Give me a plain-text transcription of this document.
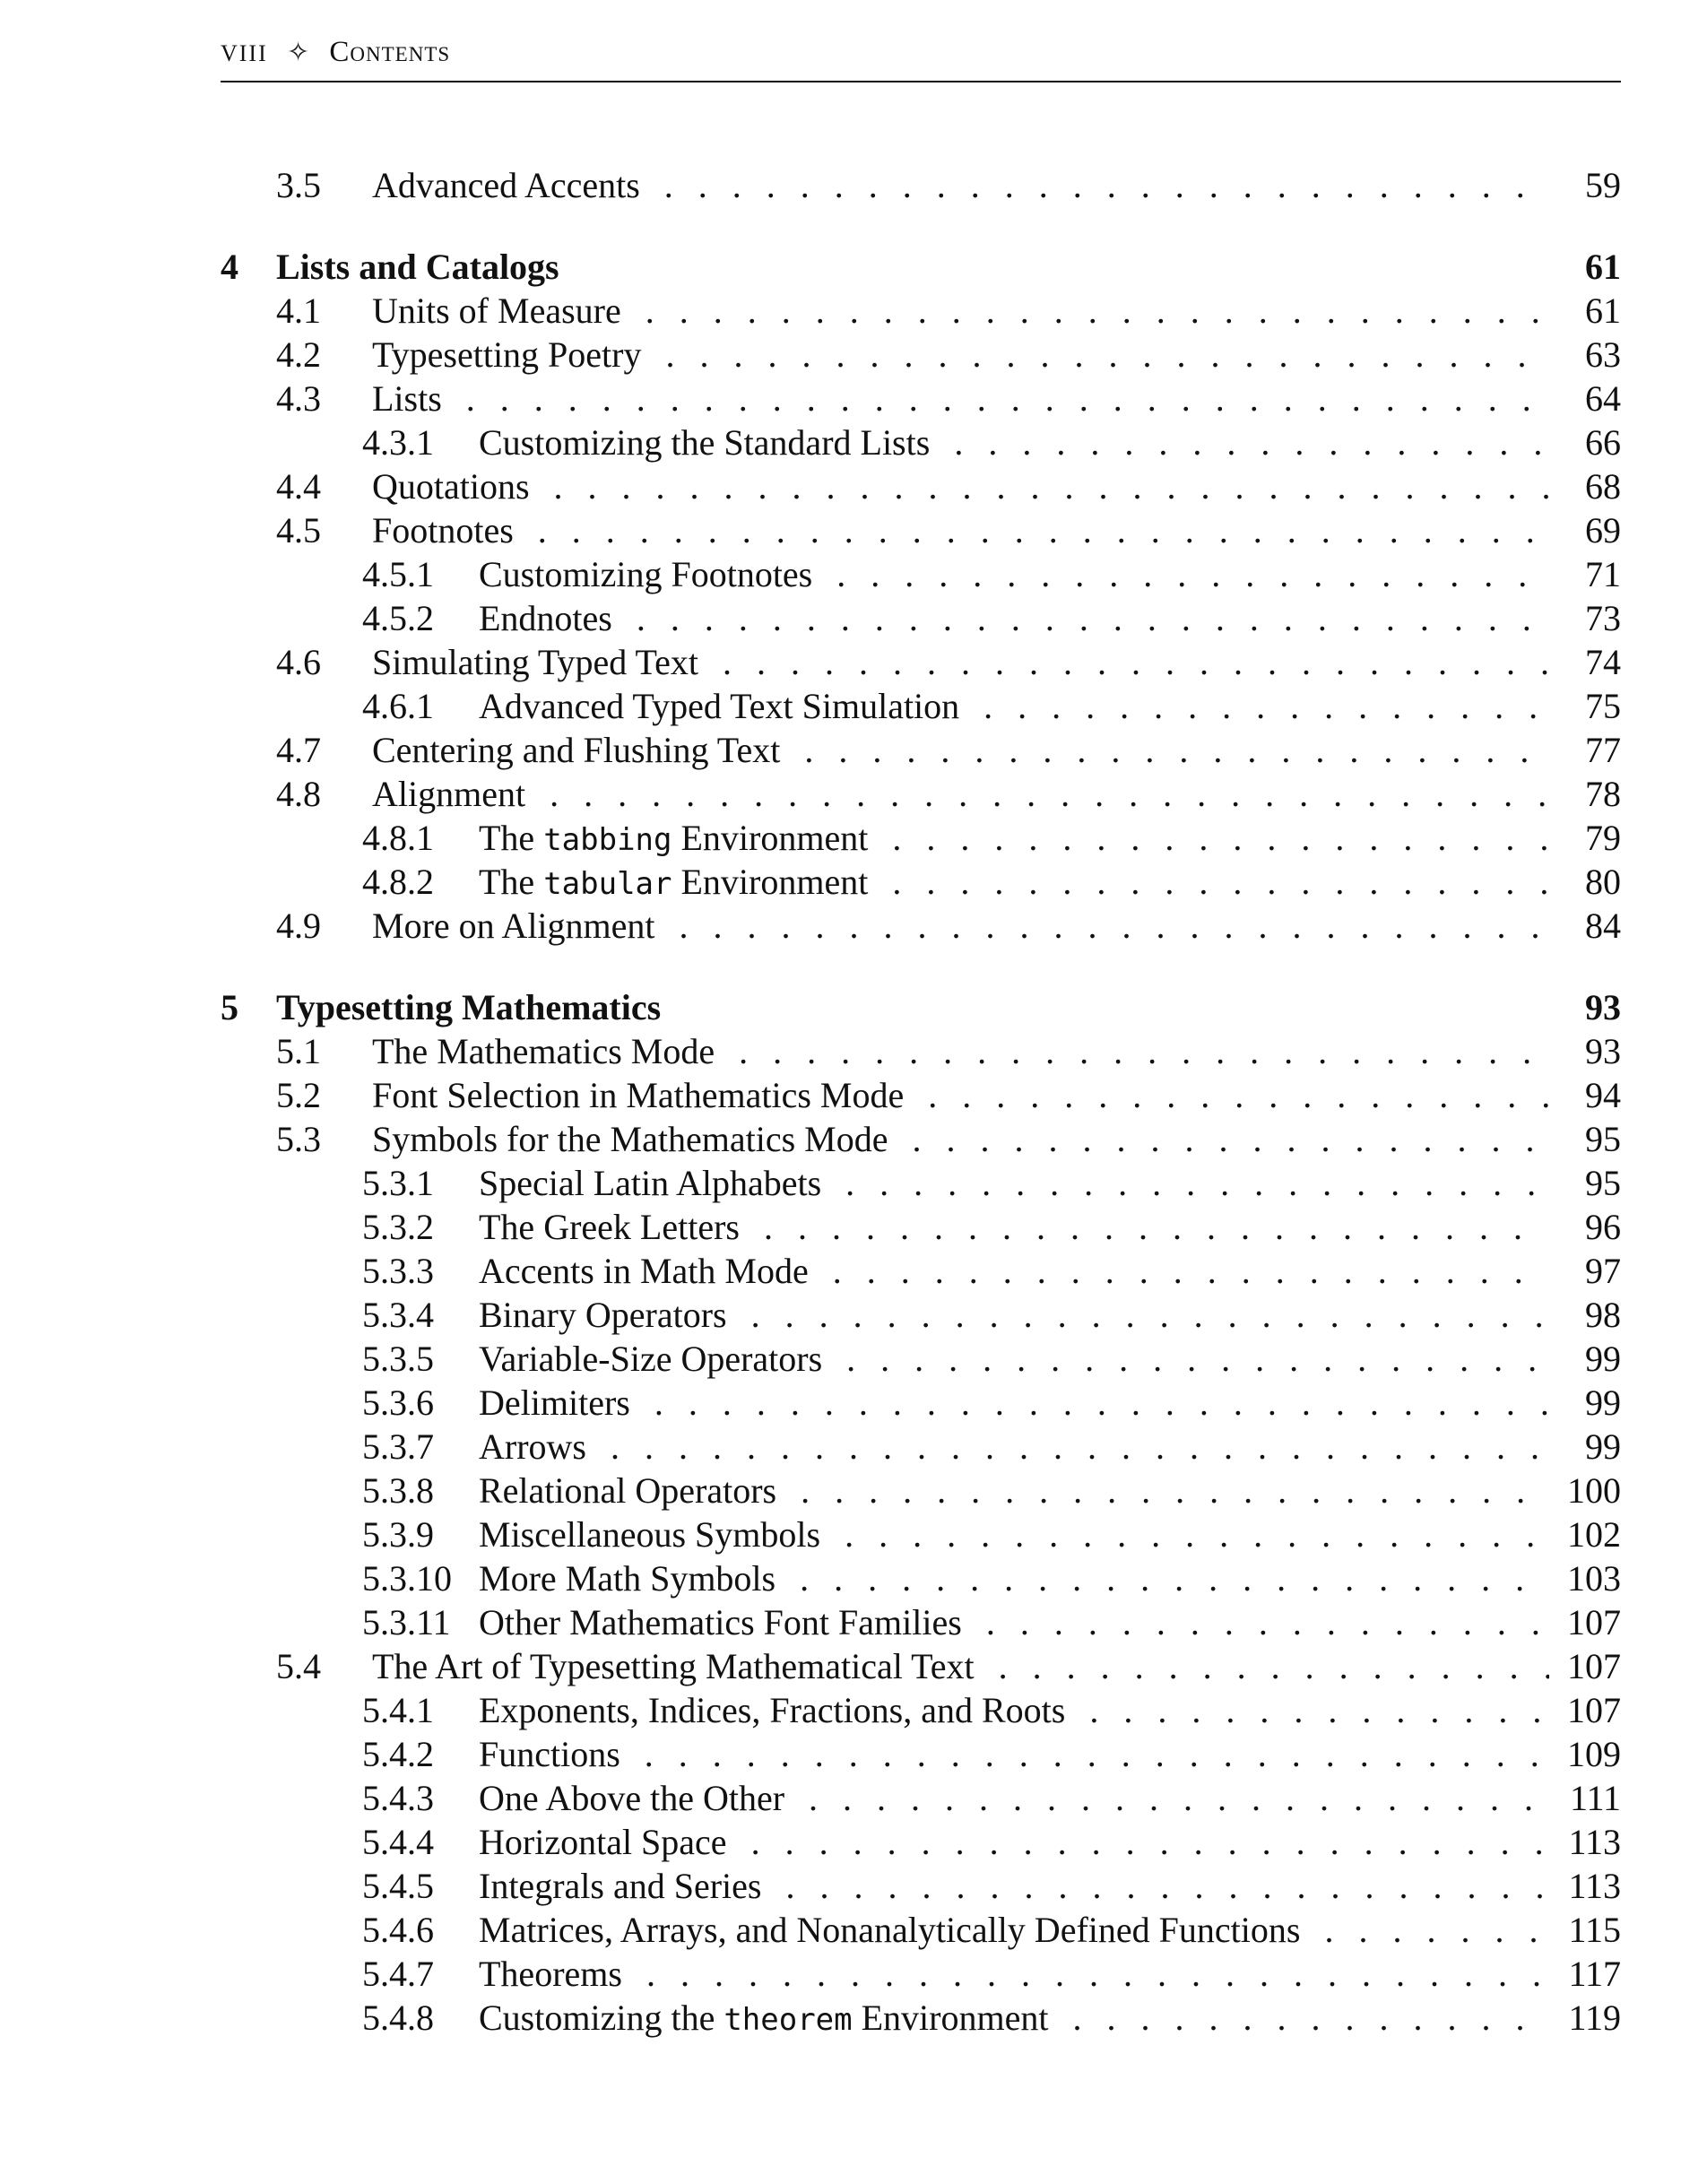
VIII ✧ Contents
3.5 Advanced Accents . . .	59
4 Lists and Catalogs	61
4.1 Units of Measure . . .	61
4.2 Typesetting Poetry . . .	63
4.3 Lists . . .	64
4.3.1 Customizing the Standard Lists . . .	66
4.4 Quotations . . .	68
4.5 Footnotes . . .	69
4.5.1 Customizing Footnotes . . .	71
4.5.2 Endnotes . . .	73
4.6 Simulating Typed Text . . .	74
4.6.1 Advanced Typed Text Simulation . . .	75
4.7 Centering and Flushing Text . . .	77
4.8 Alignment . . .	78
4.8.1 The tabbing Environment . . .	79
4.8.2 The tabular Environment . . .	80
4.9 More on Alignment . . .	84
5 Typesetting Mathematics	93
5.1 The Mathematics Mode . . .	93
5.2 Font Selection in Mathematics Mode . . .	94
5.3 Symbols for the Mathematics Mode . . .	95
5.3.1 Special Latin Alphabets . . .	95
5.3.2 The Greek Letters . . .	96
5.3.3 Accents in Math Mode . . .	97
5.3.4 Binary Operators . . .	98
5.3.5 Variable-Size Operators . . .	99
5.3.6 Delimiters . . .	99
5.3.7 Arrows . . .	99
5.3.8 Relational Operators . . .	100
5.3.9 Miscellaneous Symbols . . .	102
5.3.10 More Math Symbols . . .	103
5.3.11 Other Mathematics Font Families . . .	107
5.4 The Art of Typesetting Mathematical Text . . .	107
5.4.1 Exponents, Indices, Fractions, and Roots . . .	107
5.4.2 Functions . . .	109
5.4.3 One Above the Other . . .	111
5.4.4 Horizontal Space . . .	113
5.4.5 Integrals and Series . . .	113
5.4.6 Matrices, Arrays, and Nonanalytically Defined Functions . . .	115
5.4.7 Theorems . . .	117
5.4.8 Customizing the theorem Environment . . .	119
